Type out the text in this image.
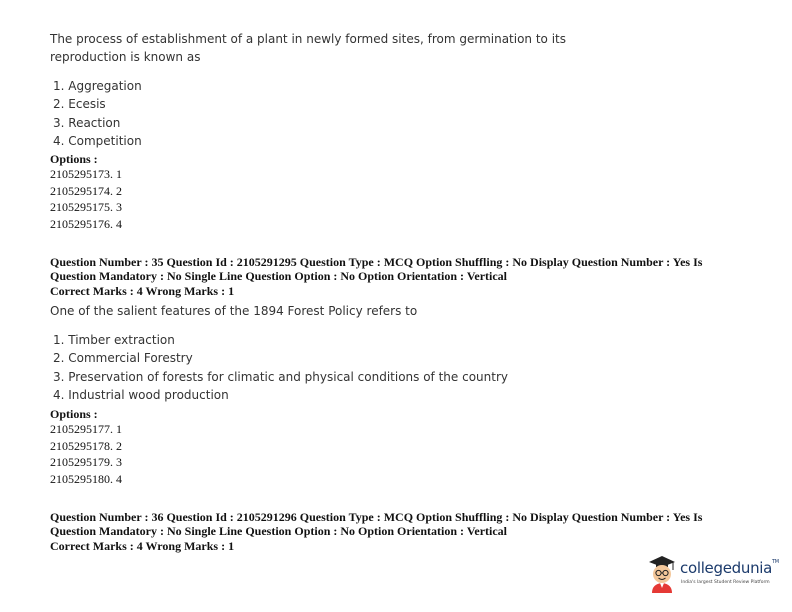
The process of establishment of a plant in newly formed sites, from germination to its

reproduction is known as

1. Aggregation
2. Ecesis
3. Reaction
4. Competition
Options :
2105295173. 1
2105295174. 2
2105295175. 3
2105295176. 4

Question Number : 35 Question Id : 2105291295 Question Type : MCQ Option Shuffling : No Display Question Number : Yes Is

Question Mandatory : No Single Line Question Option : No Option Orientation : Vertical

Correct Marks : 4 Wrong Marks : 1

One of the salient features of the 1894 Forest Policy refers to

1. Timber extraction
2. Commercial Forestry
3. Preservation of forests for climatic and physical conditions of the country
4. Industrial wood production
Options :
2105295177. 1
2105295178. 2
2105295179. 3
2105295180. 4

Question Number : 36 Question Id : 2105291296 Question Type : MCQ Option Shuffling : No Display Question Number : Yes Is

Question Mandatory : No Single Line Question Option : No Option Orientation : Vertical

Correct Marks : 4 Wrong Marks : 1

collegedunia™
India's largest Student Review Platform
